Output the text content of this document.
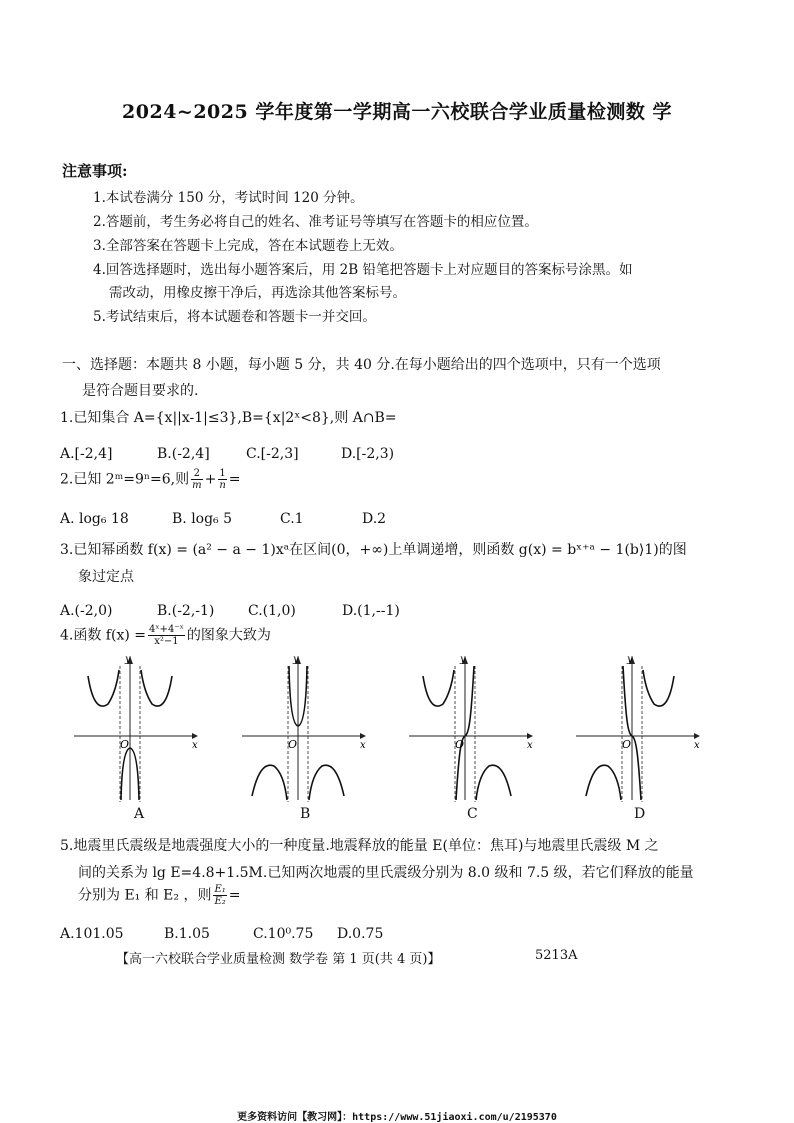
2024~2025 学年度第一学期高一六校联合学业质量检测数 学
注意事项:
1.本试卷满分 150 分，考试时间 120 分钟。
2.答题前，考生务必将自己的姓名、准考证号等填写在答题卡的相应位置。
3.全部答案在答题卡上完成，答在本试题卷上无效。
4.回答选择题时，选出每小题答案后，用 2B 铅笔把答题卡上对应题目的答案标号涂黑。如
需改动，用橡皮擦干净后，再选涂其他答案标号。
5.考试结束后，将本试题卷和答题卡一并交回。
一、选择题：本题共 8 小题，每小题 5 分，共 40 分.在每小题给出的四个选项中，只有一个选项
是符合题目要求的.
1.已知集合 A={x||x-1|≤3},B={x|2ˣ<8},则 A∩B=
A.[-2,4]	B.(-2,4]	C.[-2,3]	D.[-2,3)
2.已知 2ᵐ=9ⁿ=6,则 $\frac{2}{m} + \frac{1}{n}$ =
A. log₆ 18	B. log₆ 5	C.1	D.2
3.已知幂函数 f(x) = (a² − a − 1)xᵃ在区间(0，+∞)上单调递增，则函数 g(x) = bˣ⁺ᵃ − 1(b⟩1)的图
象过定点
A.(-2,0)	B.(-2,-1) C.(1,0)	D.(1,--1)
4.函数 $f(x) = \frac{\text{4ˣ+4⁻ˣ}}{\text{x²−1}}$ 的图象大致为
y
x
O
A
y
x
O
B
y
x
O
C
y
x
O
D
5.地震里氏震级是地震强度大小的一种度量.地震释放的能量 E(单位：焦耳)与地震里氏震级 M 之
间的关系为 lg E=4.8+1.5M.已知两次地震的里氏震级分别为 8.0 级和 7.5 级，若它们释放的能量
分别为 E₁ 和 E₂ ，则 $\frac{\text{E₁}}{\text{E₂}}$ =
A.101.05	B.1.05	C.10⁰.75 D.0.75
【高一六校联合学业质量检测 数学卷 第 1 页(共 4 页)】	5213A
更多资料访问【教习网】：https://www.51jiaoxi.com/u/2195370
